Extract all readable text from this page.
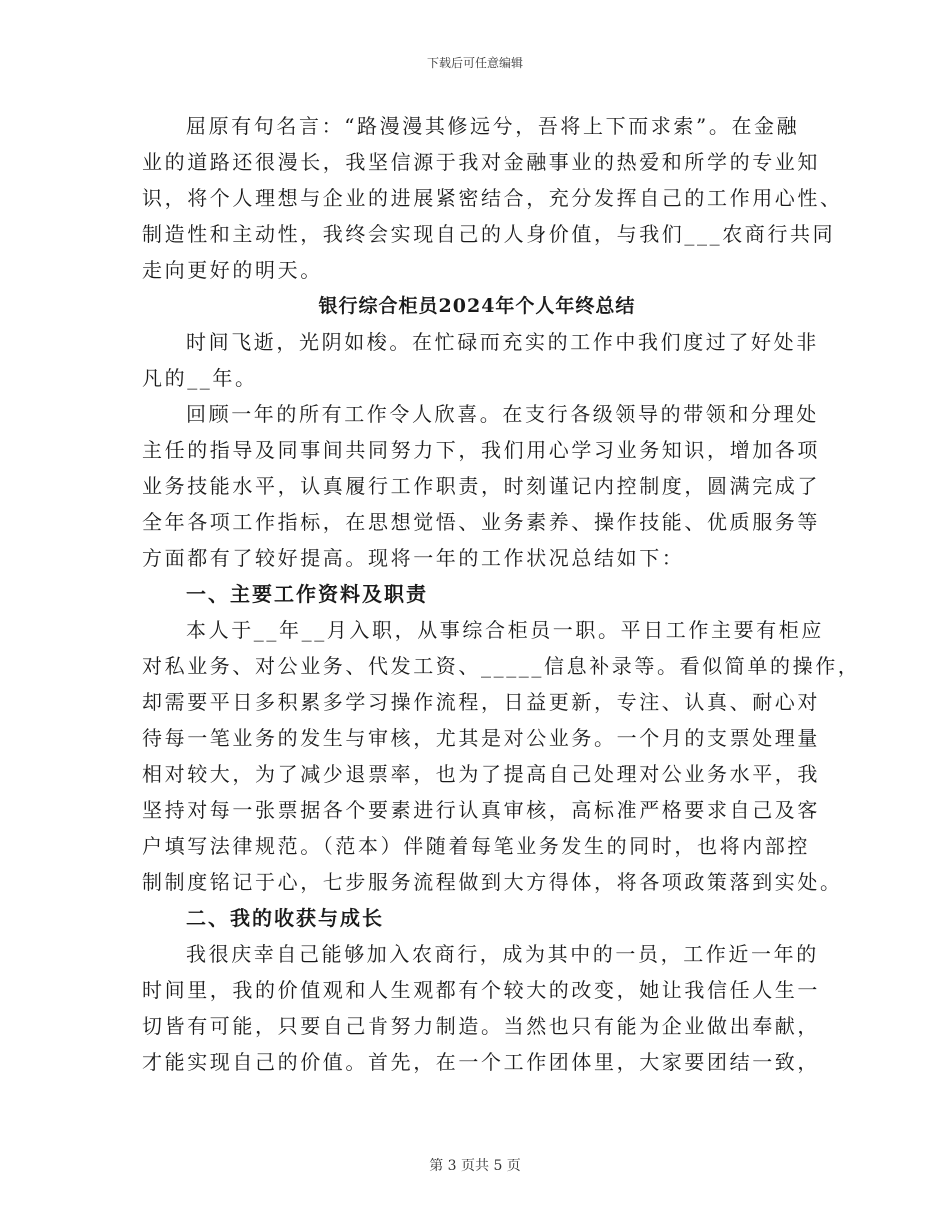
下载后可任意编辑
屈原有句名言：“路漫漫其修远兮，吾将上下而求索”。在金融
业的道路还很漫长，我坚信源于我对金融事业的热爱和所学的专业知
识，将个人理想与企业的进展紧密结合，充分发挥自己的工作用心性、
制造性和主动性，我终会实现自己的人身价值，与我们___农商行共同
走向更好的明天。
银行综合柜员2024年个人年终总结
时间飞逝，光阴如梭。在忙碌而充实的工作中我们度过了好处非
凡的__年。
回顾一年的所有工作令人欣喜。在支行各级领导的带领和分理处
主任的指导及同事间共同努力下，我们用心学习业务知识，增加各项
业务技能水平，认真履行工作职责，时刻谨记内控制度，圆满完成了
全年各项工作指标，在思想觉悟、业务素养、操作技能、优质服务等
方面都有了较好提高。现将一年的工作状况总结如下：
一、主要工作资料及职责
本人于__年__月入职，从事综合柜员一职。平日工作主要有柜应
对私业务、对公业务、代发工资、_____信息补录等。看似简单的操作，
却需要平日多积累多学习操作流程，日益更新，专注、认真、耐心对
待每一笔业务的发生与审核，尤其是对公业务。一个月的支票处理量
相对较大，为了减少退票率，也为了提高自己处理对公业务水平，我
坚持对每一张票据各个要素进行认真审核，高标准严格要求自己及客
户填写法律规范。（范本）伴随着每笔业务发生的同时，也将内部控
制制度铭记于心，七步服务流程做到大方得体，将各项政策落到实处。
二、我的收获与成长
我很庆幸自己能够加入农商行，成为其中的一员，工作近一年的
时间里，我的价值观和人生观都有个较大的改变，她让我信任人生一
切皆有可能，只要自己肯努力制造。当然也只有能为企业做出奉献，
才能实现自己的价值。首先，在一个工作团体里，大家要团结一致，
第 3 页共 5 页
